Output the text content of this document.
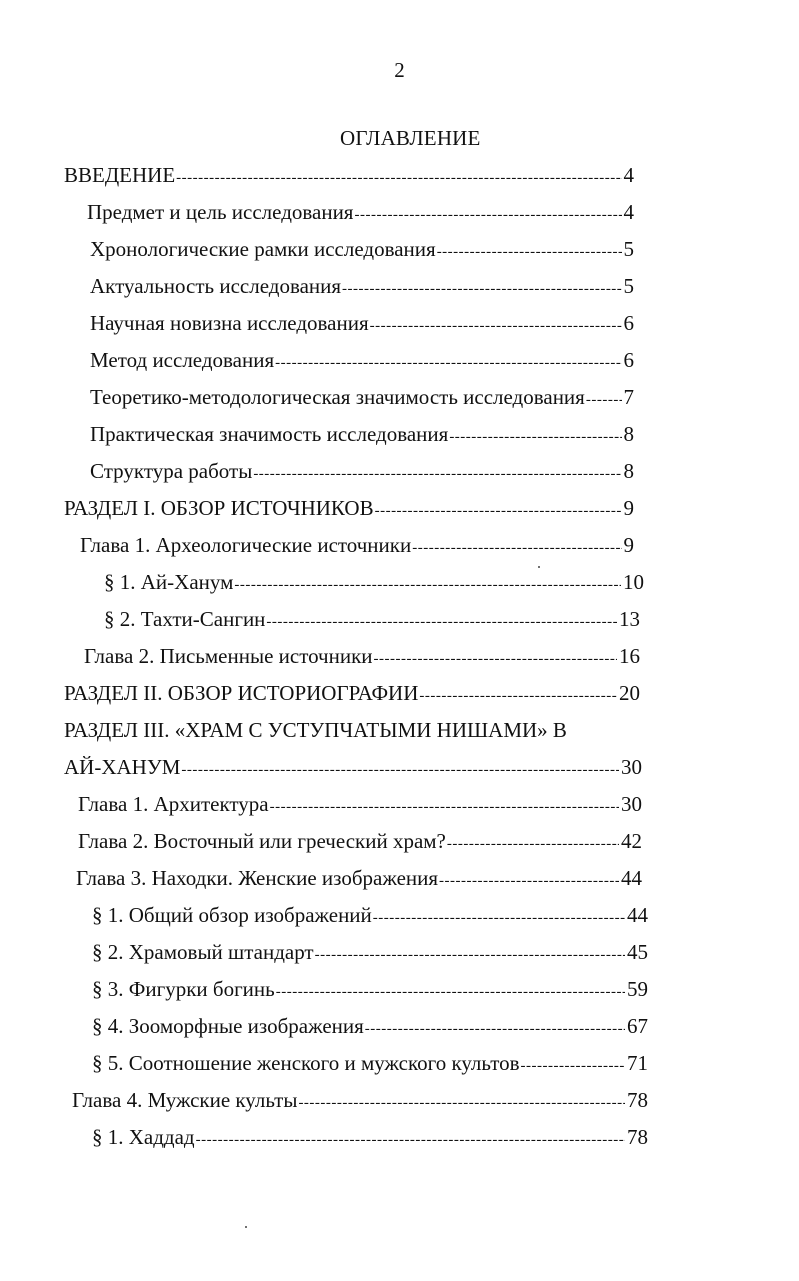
2
ОГЛАВЛЕНИЕ
ВВЕДЕНИЕ -----	4
Предмет и цель исследования -----	4
Хронологические рамки исследования -----	5
Актуальность исследования -----	5
Научная новизна исследования -----	6
Метод исследования -----	6
Теоретико-методологическая значимость исследования ----- 7
Практическая значимость исследования -----	8
Структура работы -----	8
РАЗДЕЛ I. ОБЗОР ИСТОЧНИКОВ -----	9
Глава 1. Археологические источники -----	9
§ 1. Ай-Ханум -----	10
§ 2. Тахти-Сангин -----	13
Глава 2. Письменные источники -----	16
РАЗДЕЛ II. ОБЗОР ИСТОРИОГРАФИИ -----	20
РАЗДЕЛ III. «ХРАМ С УСТУПЧАТЫМИ НИШАМИ» В
АЙ-ХАНУМ -----	30
Глава 1. Архитектура -----	30
Глава 2. Восточный или греческий храм? -----	42
Глава 3. Находки. Женские изображения -----	44
§ 1. Общий обзор изображений -----	44
§ 2. Храмовый штандарт -----	45
§ 3. Фигурки богинь -----	59
§ 4. Зооморфные изображения -----	67
§ 5. Соотношение женского и мужского культов -----	71
Глава 4. Мужские культы -----	78
§ 1. Хаддад -----	78
